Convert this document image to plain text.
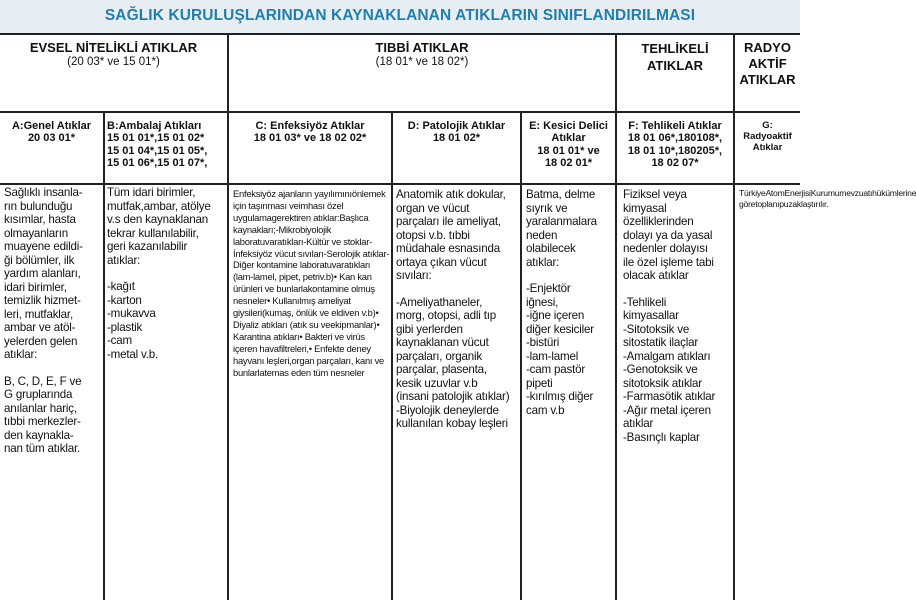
SAĞLIK KURULUŞLARINDAN KAYNAKLANAN ATIKLARIN SINIFLANDIRILMASI
EVSEL NİTELİKLİ ATIKLAR
(20 03* ve 15 01*)
TIBBİ ATIKLAR
(18 01* ve 18 02*)
TEHLİKELİ ATIKLAR
RADYO AKTİF ATIKLAR
A:Genel Atıklar
20 03 01*
B:Ambalaj Atıkları
15 01 01*,15 01 02*
15 01 04*,15 01 05*,
15 01 06*,15 01 07*,
C: Enfeksiyöz Atıklar
18 01 03* ve 18 02 02*
D: Patolojik Atıklar
18 01 02*
E: Kesici Delici Atıklar
18 01 01* ve
18 02 01*
F: Tehlikeli Atıklar
18 01 06*,180108*,
18 01 10*,180205*,
18 02 07*
G: Radyoaktif Atıklar
Sağlıklı insanla-
rın bulunduğu
kısımlar, hasta
olmayanların
muayene edildi-
ği bölümler, ilk
yardım alanları,
idari birimler,
temizlik hizmet-
leri, mutfaklar,
ambar ve atöl-
yelerden gelen
atıklar:
B, C, D, E, F ve
G gruplarında
anılanlar hariç,
tıbbi merkezler-
den kaynakla-
nan tüm atıklar.
Tüm idari birimler,
mutfak,ambar, atölye
v.s den kaynaklanan
tekrar kullanılabilir,
geri kazanılabilir
atıklar:
-kağıt
-karton
-mukavva
-plastik
-cam
-metal v.b.
Enfeksiyöz ajanların yayılımınıönlemek için taşınması veimhası özel uygulamagerektiren atıklar:Başlıca kaynakları;-Mikrobiyolojik laboratuvaratıkları-Kültür ve stoklar-İnfeksiyöz vücut sıvıları-Serolojik atıklar-Diğer kontamine laboratuvaratıkları (lam-lamel, pipet, petriv.b)• Kan kan ürünleri ve bunlarlakontamine olmuş nesneler• Kullanılmış ameliyat giysileri(kumaş, önlük ve eldiven v.b)• Diyaliz atıkları (atık su veekipmanlar)• Karantina atıkları• Bakteri ve virüs içeren havafiltreleri,• Enfekte deney hayvanı leşleri,organ parçaları, kanı ve bunlarlatemas eden tüm nesneler
Anatomik atık dokular,
organ ve vücut
parçaları ile ameliyat,
otopsi v.b. tıbbi
müdahale esnasında
ortaya çıkan vücut
sıvıları:
-Ameliyathaneler,
morg, otopsi, adli tıp
gibi yerlerden
kaynaklanan vücut
parçaları, organik
parçalar, plasenta,
kesik uzuvlar v.b
(insani patolojik atıklar)
-Biyolojik deneylerde
kullanılan kobay leşleri
Batma, delme
sıyrık ve
yaralanmalara
neden
olabilecek
atıklar:
-Enjektör
iğnesi,
-iğne içeren
diğer kesiciler
-bistüri
-lam-lamel
-cam pastör
pipeti
-kırılmış diğer
cam v.b
Fiziksel veya
kimyasal
özelliklerinden
dolayı ya da yasal
nedenler dolayısı
ile özel işleme tabi
olacak atıklar
-Tehlikeli
kimyasallar
-Sitotoksik ve
sitostatik ilaçlar
-Amalgam atıkları
-Genotoksik ve
sitotoksik atıklar
-Farmasötik atıklar
-Ağır metal içeren
atıklar
-Basınçlı kaplar
TürkiyeAtomEnerjisiKurumumevzuatıhükümlerine göretoplanıpuzaklaştırılır.
